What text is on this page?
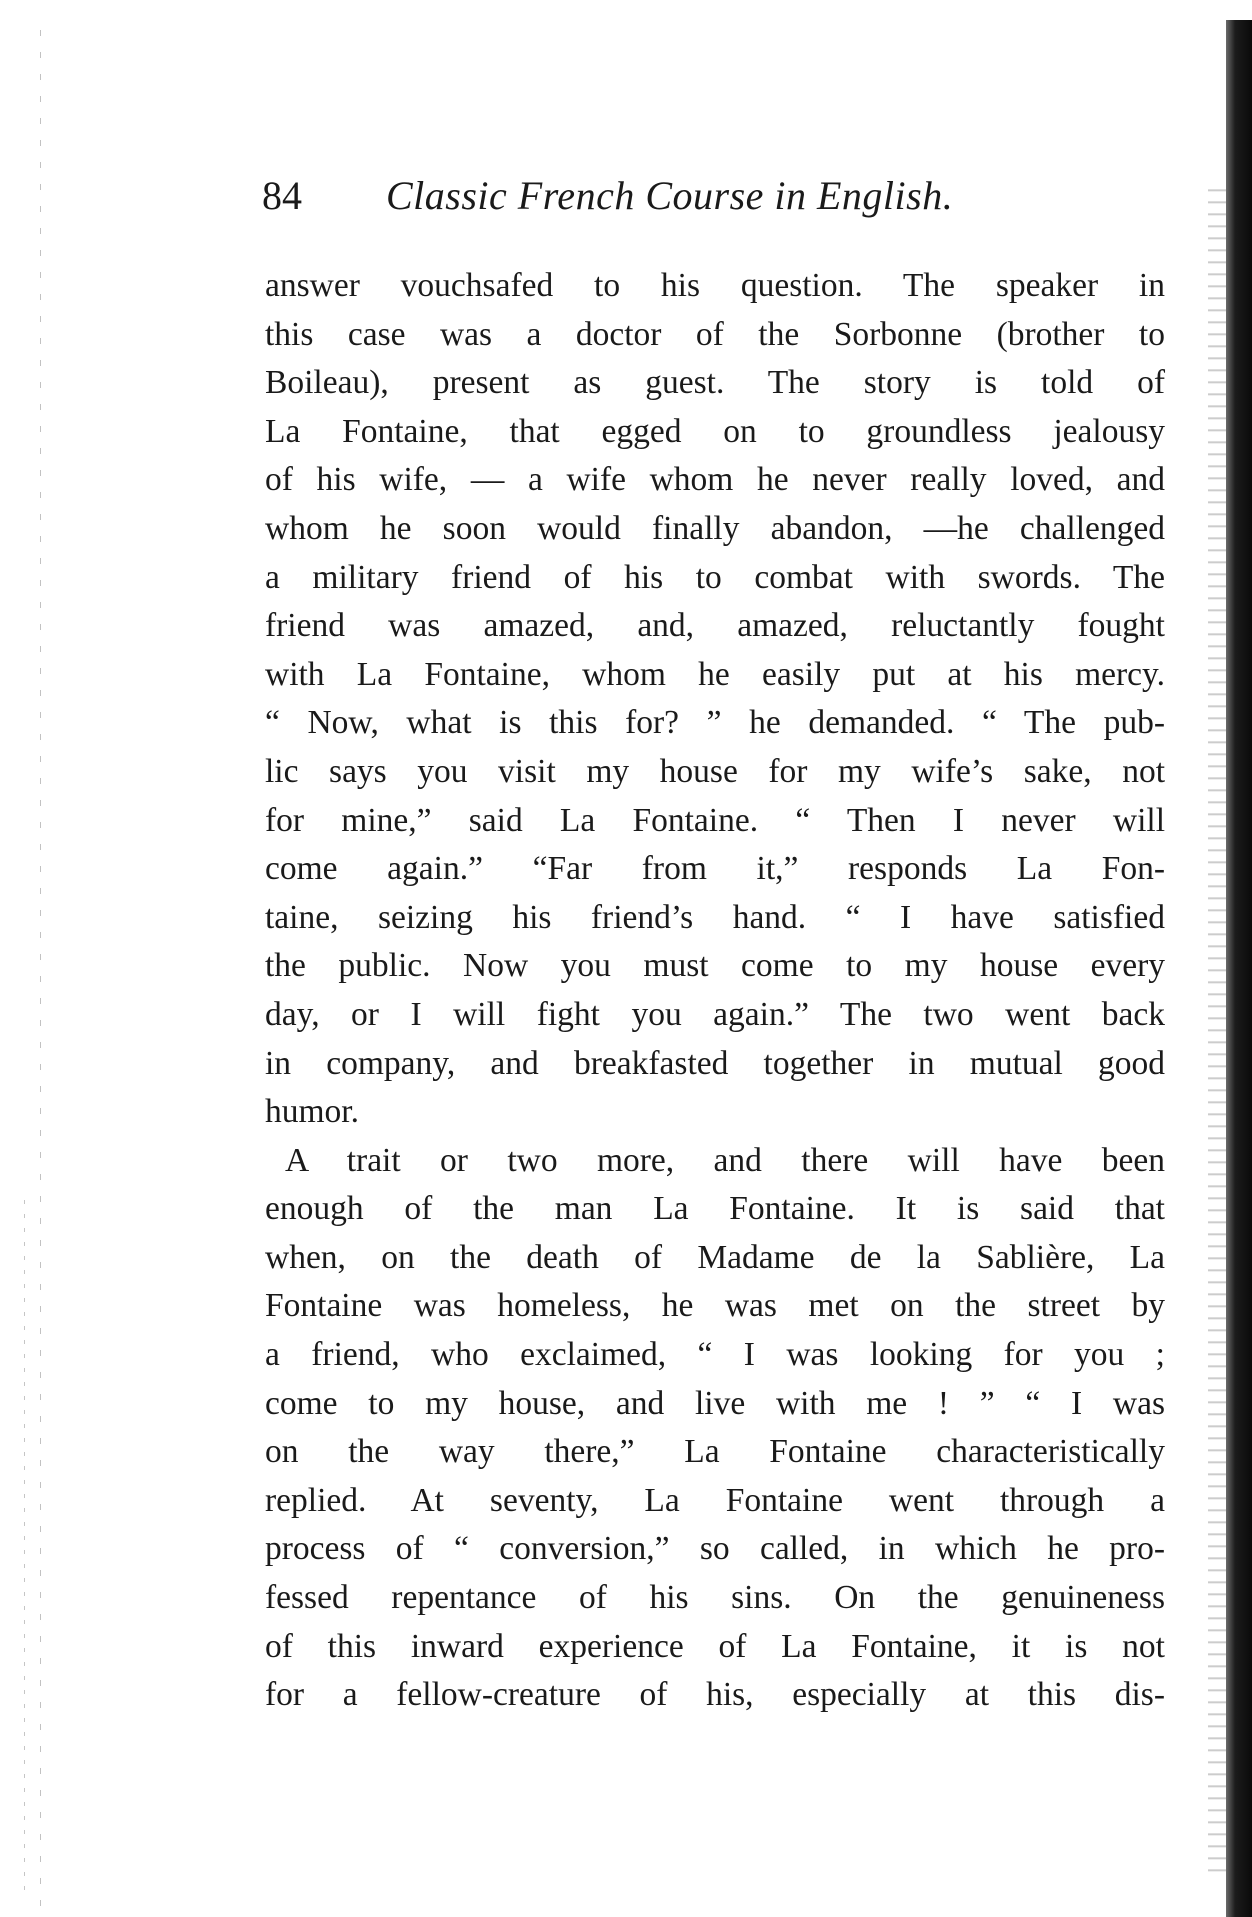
84 Classic French Course in English.
answer vouchsafed to his question. The speaker in
this case was a doctor of the Sorbonne (brother to
Boileau), present as guest. The story is told of
La Fontaine, that egged on to groundless jealousy
of his wife, — a wife whom he never really loved, and
whom he soon would finally abandon, —he challenged
a military friend of his to combat with swords. The
friend was amazed, and, amazed, reluctantly fought
with La Fontaine, whom he easily put at his mercy.
“ Now, what is this for? ” he demanded. “ The pub-
lic says you visit my house for my wife’s sake, not
for mine,” said La Fontaine. “ Then I never will
come again.” “Far from it,” responds La Fon-
taine, seizing his friend’s hand. “ I have satisfied
the public. Now you must come to my house every
day, or I will fight you again.” The two went back
in company, and breakfasted together in mutual good
humor.
A trait or two more, and there will have been
enough of the man La Fontaine. It is said that
when, on the death of Madame de la Sablière, La
Fontaine was homeless, he was met on the street by
a friend, who exclaimed, “ I was looking for you ;
come to my house, and live with me ! ” “ I was
on the way there,” La Fontaine characteristically
replied. At seventy, La Fontaine went through a
process of “ conversion,” so called, in which he pro-
fessed repentance of his sins. On the genuineness
of this inward experience of La Fontaine, it is not
for a fellow-creature of his, especially at this dis-
